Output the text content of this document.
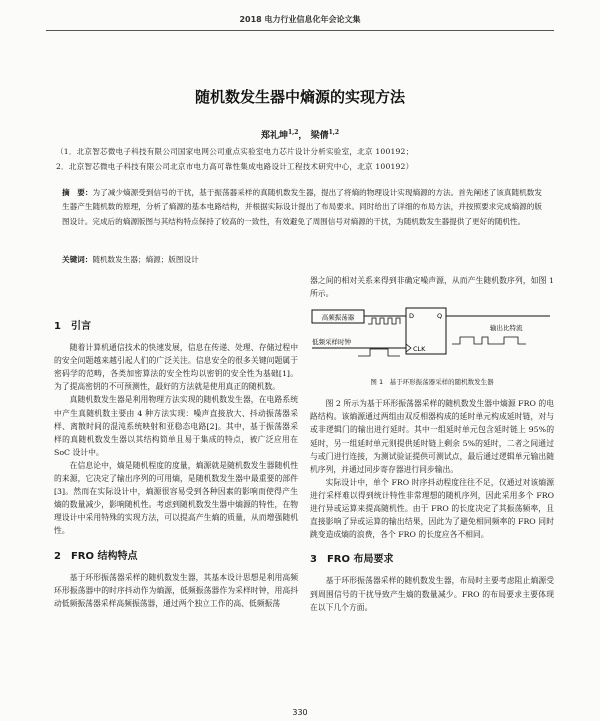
2018 电力行业信息化年会论文集
随机数发生器中熵源的实现方法
郑礼坤$^{1,2}$， 梁倩$^{1,2}$
（1．北京智芯微电子科技有限公司国家电网公司重点实验室电力芯片设计分析实验室，北京 100192；
2．北京智芯微电子科技有限公司北京市电力高可靠性集成电路设计工程技术研究中心，北京 100192）
摘　要：为了减少熵源受到信号的干扰，基于振荡器采样的真随机数发生器，提出了将熵的物理设计实现熵源的方法。首先阐述了该真随机数发生器产生随机数的原理，分析了熵源的基本电路结构，并根据实际设计提出了布局要求。同时给出了详细的布局方法，并按照要求完成熵源的版图设计。完成后的熵源版图与其结构特点保持了较高的一致性，有效避免了周围信号对熵源的干扰，为随机数发生器提供了更好的随机性。
关键词：随机数发生器；熵源；版图设计
1　引言

随着计算机通信技术的快速发展，信息在传递、处理、存储过程中的安全问题越来越引起人们的广泛关注。信息安全的很多关键问题属于密码学的范畴，各类加密算法的安全性均以密钥的安全性为基础[1]。为了提高密钥的不可预测性，最好的方法就是使用真正的随机数。

真随机数发生器是利用物理方法实现的随机数发生器，在电路系统中产生真随机数主要由 4 种方法实现：噪声直接放大、抖动振荡器采样、离散时间的混沌系统映射和亚稳态电路[2]。其中，基于振荡器采样的真随机数发生器以其结构简单且易于集成的特点，被广泛应用在 SoC 设计中。

在信息论中，熵是随机程度的度量，熵源就是随机数发生器随机性的来源，它决定了输出序列的可用熵，是随机数发生器中最重要的部件[3]。然而在实际设计中，熵源很容易受到各种因素的影响而使得产生熵的数量减少，影响随机性。考虑到随机数发生器中熵源的特性，在物理设计中采用特殊的实现方法，可以提高产生熵的质量，从而增强随机性。

2　FRO 结构特点

基于环形振荡器采样的随机数发生器，其基本设计思想是利用高频环形振荡器中的时序抖动作为熵源，低频振荡器作为采样时钟，用高抖动低频振荡器采样高频振荡器，通过两个独立工作的高、低频振荡

器之间的相对关系来得到非确定噪声源，从而产生随机数序列，如图 1 所示。

高频振荡器
低频采样时钟
D	Q
CLK
输出比特流
图 1　基于环形振荡器采样的随机数发生器

图 2 所示为基于环形振荡器采样的随机数发生器中熵源 FRO 的电路结构。该熵源通过两组由双反相器构成的延时单元构成延时链，对与或非逻辑门的输出进行延时。其中一组延时单元包含延时链上 95%的延时，另一组延时单元则提供延时链上剩余 5%的延时，二者之间通过与或门进行连接，为测试验证提供可测试点，最后通过逻辑单元输出随机序列，并通过同步寄存器进行同步输出。

实际设计中，单个 FRO 时序抖动程度往往不足，仅通过对该熵源进行采样难以得到统计特性非常理想的随机序列，因此采用多个 FRO 进行异或运算来提高随机性。由于 FRO 的长度决定了其振荡频率，且直接影响了异或运算的输出结果，因此为了避免相同频率的 FRO 同时跳变造成熵的浪费，各个 FRO 的长度应各不相同。

3　FRO 布局要求

基于环形振荡器采样的随机数发生器，布局时主要考虑阻止熵源受到周围信号的干扰导致产生熵的数量减少。FRO 的布局要求主要体现在以下几个方面。

330
